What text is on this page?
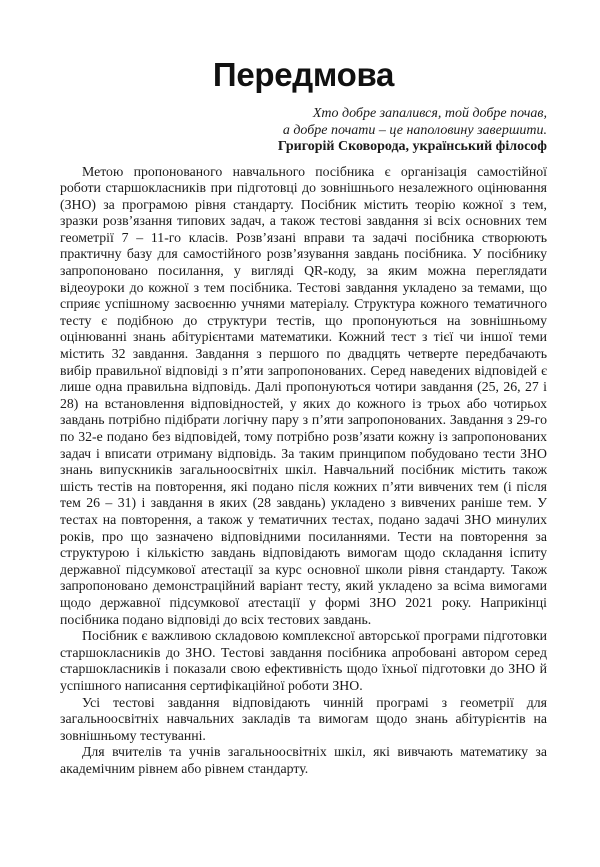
Передмова
Хто добре запалився, той добре почав,
а добре почати – це наполовину завершити.
Григорій Сковорода, український філософ

Метою пропонованого навчального посібника є організація самостійної роботи старшокласників при підготовці до зовнішнього незалежного оцінювання (ЗНО) за програмою рівня стандарту. Посібник містить теорію кожної з тем, зразки розв’язання типових задач, а також тестові завдання зі всіх основних тем геометрії 7 – 11-го класів. Розв’язані вправи та задачі посібника створюють практичну базу для самостійного розв’язування завдань посібника. У посібнику запропоновано посилання, у вигляді QR-коду, за яким можна переглядати відеоуроки до кожної з тем посібника. Тестові завдання укладено за темами, що сприяє успішному засвоєнню учнями матеріалу. Структура кожного тематичного тесту є подібною до структури тестів, що пропонуються на зовнішньому оцінюванні знань абітурієнтами математики. Кожний тест з тієї чи іншої теми містить 32 завдання. Завдання з першого по двадцять четверте передбачають вибір правильної відповіді з п’яти запропонованих. Серед наведених відповідей є лише одна правильна відповідь. Далі пропонуються чотири завдання (25, 26, 27 і 28) на встановлення відповідностей, у яких до кожного із трьох або чотирьох завдань потрібно підібрати логічну пару з п’яти запропонованих. Завдання з 29-го по 32-е подано без відповідей, тому потрібно розв’язати кожну із запропонованих задач і вписати отриману відповідь. За таким принципом побудовано тести ЗНО знань випускників загальноосвітніх шкіл. Навчальний посібник містить також шість тестів на повторення, які подано після кожних п’яти вивчених тем (і після тем 26 – 31) і завдання в яких (28 завдань) укладено з вивчених раніше тем. У тестах на повторення, а також у тематичних тестах, подано задачі ЗНО минулих років, про що зазначено відповідними посиланнями. Тести на повторення за структурою і кількістю завдань відповідають вимогам щодо складання іспиту державної підсумкової атестації за курс основної школи рівня стандарту. Також запропоновано демонстраційний варіант тесту, який укладено за всіма вимогами щодо державної підсумкової атестації у формі ЗНО 2021 року. Наприкінці посібника подано відповіді до всіх тестових завдань.

Посібник є важливою складовою комплексної авторської програми підготовки старшокласників до ЗНО. Тестові завдання посібника апробовані автором серед старшокласників і показали свою ефективність щодо їхньої підготовки до ЗНО й успішного написання сертифікаційної роботи ЗНО.

Усі тестові завдання відповідають чинній програмі з геометрії для загальноосвітніх навчальних закладів та вимогам щодо знань абітурієнтів на зовнішньому тестуванні.

Для вчителів та учнів загальноосвітніх шкіл, які вивчають математику за академічним рівнем або рівнем стандарту.
